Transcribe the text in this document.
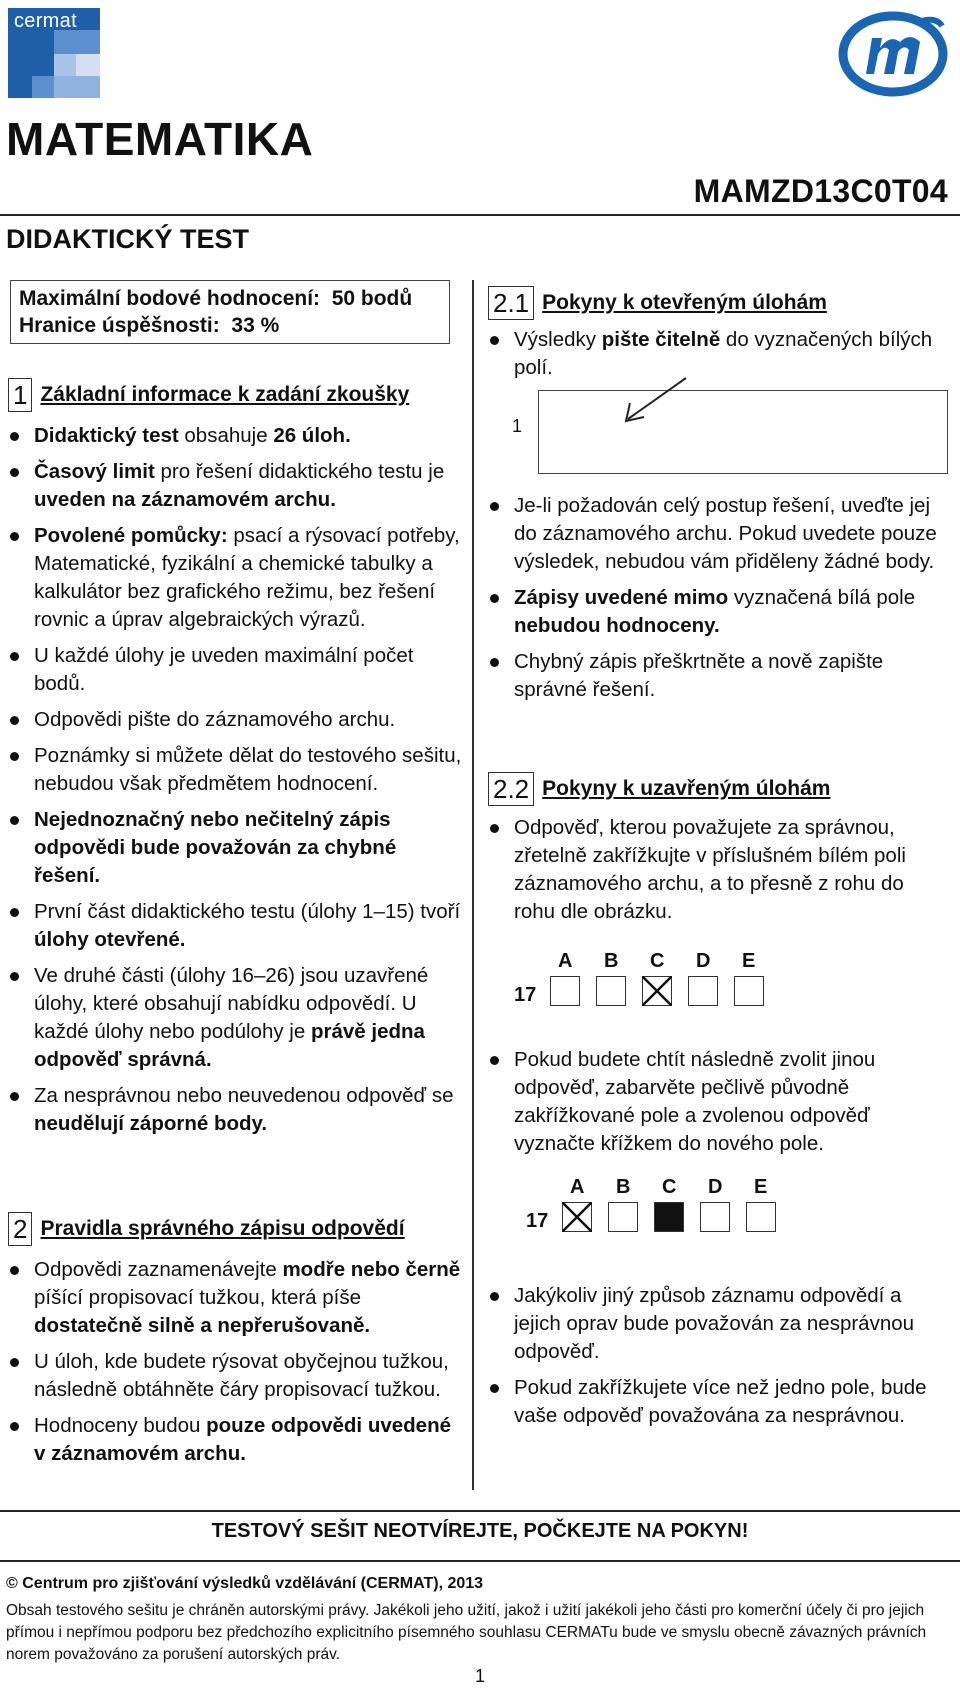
cermat
MATEMATIKA
MAMZD13C0T04
DIDAKTICKÝ TEST
Maximální bodové hodnocení:  50 bodů
Hranice úspěšnosti:  33 %
1 Základní informace k zadání zkoušky
Didaktický test obsahuje 26 úloh.
Časový limit pro řešení didaktického testu je uveden na záznamovém archu.
Povolené pomůcky: psací a rýsovací potřeby, Matematické, fyzikální a chemické tabulky a kalkulátor bez grafického režimu, bez řešení rovnic a úprav algebraických výrazů.
U každé úlohy je uveden maximální počet bodů.
Odpovědi pište do záznamového archu.
Poznámky si můžete dělat do testového sešitu, nebudou však předmětem hodnocení.
Nejednoznačný nebo nečitelný zápis odpovědi bude považován za chybné řešení.
První část didaktického testu (úlohy 1–15) tvoří úlohy otevřené.
Ve druhé části (úlohy 16–26) jsou uzavřené úlohy, které obsahují nabídku odpovědí. U každé úlohy nebo podúlohy je právě jedna odpověď správná.
Za nesprávnou nebo neuvedenou odpověď se neudělují záporné body.
2 Pravidla správného zápisu odpovědí
Odpovědi zaznamenávejte modře nebo černě píšící propisovací tužkou, která píše dostatečně silně a nepřerušovaně.
U úloh, kde budete rýsovat obyčejnou tužkou, následně obtáhněte čáry propisovací tužkou.
Hodnoceny budou pouze odpovědi uvedené v záznamovém archu.
2.1 Pokyny k otevřeným úlohám
Výsledky pište čitelně do vyznačených bílých polí.
1
Je-li požadován celý postup řešení, uveďte jej do záznamového archu. Pokud uvedete pouze výsledek, nebudou vám přiděleny žádné body.
Zápisy uvedené mimo vyznačená bílá pole nebudou hodnoceny.
Chybný zápis přeškrtněte a nově zapište správné řešení.
2.2 Pokyny k uzavřeným úlohám
Odpověď, kterou považujete za správnou, zřetelně zakřížkujte v příslušném bílém poli záznamového archu, a to přesně z rohu do rohu dle obrázku.
17
A B C D E
Pokud budete chtít následně zvolit jinou odpověď, zabarvěte pečlivě původně zakřížkované pole a zvolenou odpověď vyznačte křížkem do nového pole.
17
A B C D E
Jakýkoliv jiný způsob záznamu odpovědí a jejich oprav bude považován za nesprávnou odpověď.
Pokud zakřížkujete více než jedno pole, bude vaše odpověď považována za nesprávnou.
TESTOVÝ SEŠIT NEOTVÍREJTE, POČKEJTE NA POKYN!
© Centrum pro zjišťování výsledků vzdělávání (CERMAT), 2013
Obsah testového sešitu je chráněn autorskými právy. Jakékoli jeho užití, jakož i užití jakékoli jeho části pro komerční účely či pro jejich přímou i nepřímou podporu bez předchozího explicitního písemného souhlasu CERMATu bude ve smyslu obecně závazných právních norem považováno za porušení autorských práv.
1
